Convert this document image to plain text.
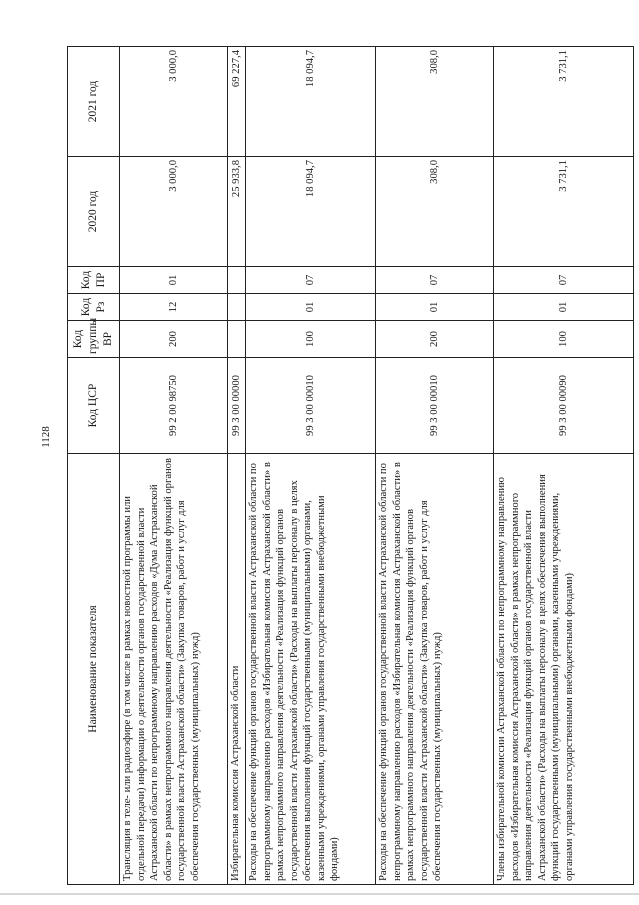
1128
Наименование показателя	Код ЦСР	Код группы ВР	Код Рз	Код ПР	2020 год	2021 год
Трансляция в теле- или радиоэфире (в том числе в рамках новостной программы или отдельной передачи) информации о деятельности органов государственной власти Астраханской области по непрограммному направлению расходов «Дума Астраханской области» в рамках непрограммного направления деятельности «Реализация функций органов государственной власти Астраханской области» (Закупка товаров, работ и услуг для обеспечения государственных (муниципальных) нужд)	99 2 00 98750	200	12	01	3 000,0	3 000,0
Избирательная комиссия Астраханской области	99 3 00 00000				25 933,8	69 227,4
Расходы на обеспечение функций органов государственной власти Астраханской области по непрограммному направлению расходов «Избирательная комиссия Астраханской области» в рамках непрограммного направления деятельности «Реализация функций органов государственной власти Астраханской области» (Расходы на выплаты персоналу в целях обеспечения выполнения функций государственными (муниципальными) органами, казенными учреждениями, органами управления государственными внебюджетными фондами)	99 3 00 00010	100	01	07	18 094,7	18 094,7
Расходы на обеспечение функций органов государственной власти Астраханской области по непрограммному направлению расходов «Избирательная комиссия Астраханской области» в рамках непрограммного направления деятельности «Реализация функций органов государственной власти Астраханской области» (Закупка товаров, работ и услуг для обеспечения государственных (муниципальных) нужд)	99 3 00 00010	200	01	07	308,0	308,0
Члены избирательной комиссии Астраханской области по непрограммному направлению расходов «Избирательная комиссия Астраханской области» в рамках непрограммного направления деятельности «Реализация функций органов государственной власти Астраханской области» (Расходы на выплаты персоналу в целях обеспечения выполнения функций государственными (муниципальными) органами, казенными учреждениями, органами управления государственными внебюджетными фондами)	99 3 00 00090	100	01	07	3 731,1	3 731,1
